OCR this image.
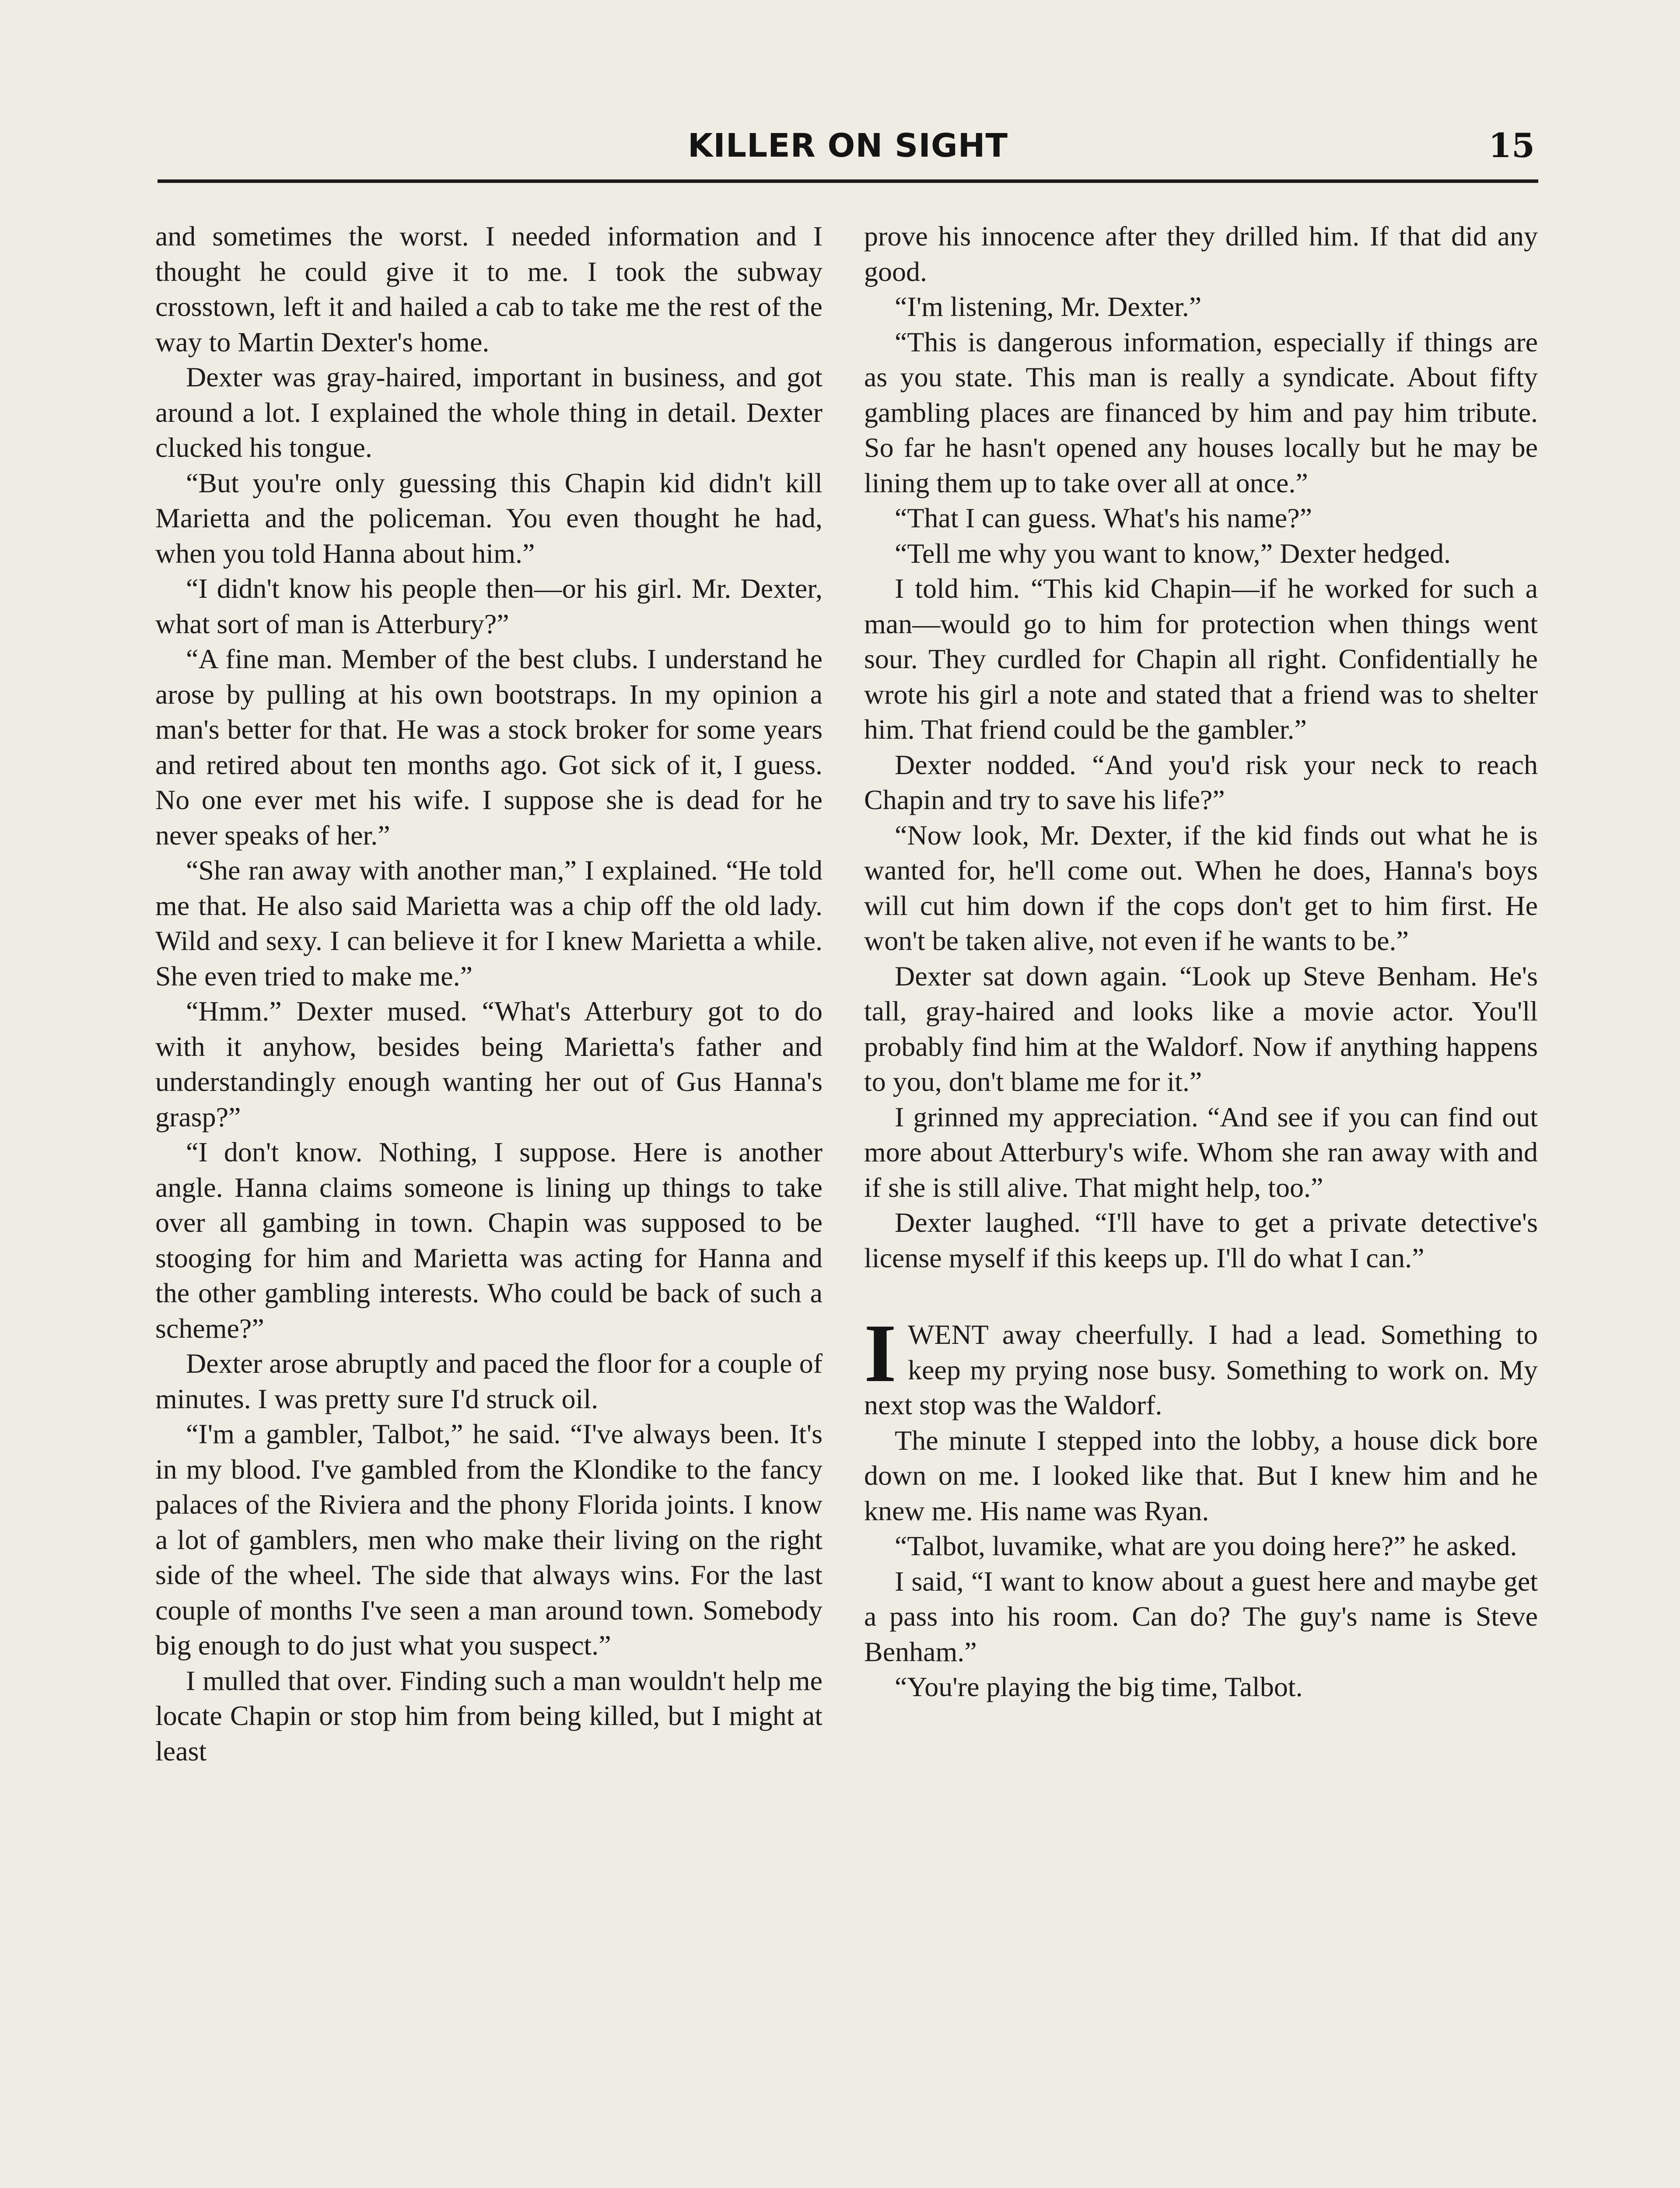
KILLER ON SIGHT	15

and sometimes the worst. I needed information and I thought he could give it to me. I took the subway crosstown, left it and hailed a cab to take me the rest of the way to Martin Dexter's home.

Dexter was gray-haired, important in business, and got around a lot. I explained the whole thing in detail. Dexter clucked his tongue.

“But you're only guessing this Chapin kid didn't kill Marietta and the policeman. You even thought he had, when you told Hanna about him.”

“I didn't know his people then—or his girl. Mr. Dexter, what sort of man is Atterbury?”

“A fine man. Member of the best clubs. I understand he arose by pulling at his own bootstraps. In my opinion a man's better for that. He was a stock broker for some years and retired about ten months ago. Got sick of it, I guess. No one ever met his wife. I suppose she is dead for he never speaks of her.”

“She ran away with another man,” I explained. “He told me that. He also said Marietta was a chip off the old lady. Wild and sexy. I can believe it for I knew Marietta a while. She even tried to make me.”

“Hmm.” Dexter mused. “What's Atterbury got to do with it anyhow, besides being Marietta's father and understandingly enough wanting her out of Gus Hanna's grasp?”

“I don't know. Nothing, I suppose. Here is another angle. Hanna claims someone is lining up things to take over all gambing in town. Chapin was supposed to be stooging for him and Marietta was acting for Hanna and the other gambling interests. Who could be back of such a scheme?”

Dexter arose abruptly and paced the floor for a couple of minutes. I was pretty sure I'd struck oil.

“I'm a gambler, Talbot,” he said. “I've always been. It's in my blood. I've gambled from the Klondike to the fancy palaces of the Riviera and the phony Florida joints. I know a lot of gamblers, men who make their living on the right side of the wheel. The side that always wins. For the last couple of months I've seen a man around town. Somebody big enough to do just what you suspect.”

I mulled that over. Finding such a man wouldn't help me locate Chapin or stop him from being killed, but I might at least

prove his innocence after they drilled him. If that did any good.

“I'm listening, Mr. Dexter.”

“This is dangerous information, especially if things are as you state. This man is really a syndicate. About fifty gambling places are financed by him and pay him tribute. So far he hasn't opened any houses locally but he may be lining them up to take over all at once.”

“That I can guess. What's his name?”

“Tell me why you want to know,” Dexter hedged.

I told him. “This kid Chapin—if he worked for such a man—would go to him for protection when things went sour. They curdled for Chapin all right. Confidentially he wrote his girl a note and stated that a friend was to shelter him. That friend could be the gambler.”

Dexter nodded. “And you'd risk your neck to reach Chapin and try to save his life?”

“Now look, Mr. Dexter, if the kid finds out what he is wanted for, he'll come out. When he does, Hanna's boys will cut him down if the cops don't get to him first. He won't be taken alive, not even if he wants to be.”

Dexter sat down again. “Look up Steve Benham. He's tall, gray-haired and looks like a movie actor. You'll probably find him at the Waldorf. Now if anything happens to you, don't blame me for it.”

I grinned my appreciation. “And see if you can find out more about Atterbury's wife. Whom she ran away with and if she is still alive. That might help, too.”

Dexter laughed. “I'll have to get a private detective's license myself if this keeps up. I'll do what I can.”

IWENT away cheerfully. I had a lead. Something to keep my prying nose busy. Something to work on. My next stop was the Waldorf.

The minute I stepped into the lobby, a house dick bore down on me. I looked like that. But I knew him and he knew me. His name was Ryan.

“Talbot, luvamike, what are you doing here?” he asked.

I said, “I want to know about a guest here and maybe get a pass into his room. Can do? The guy's name is Steve Benham.”

“You're playing the big time, Talbot.
